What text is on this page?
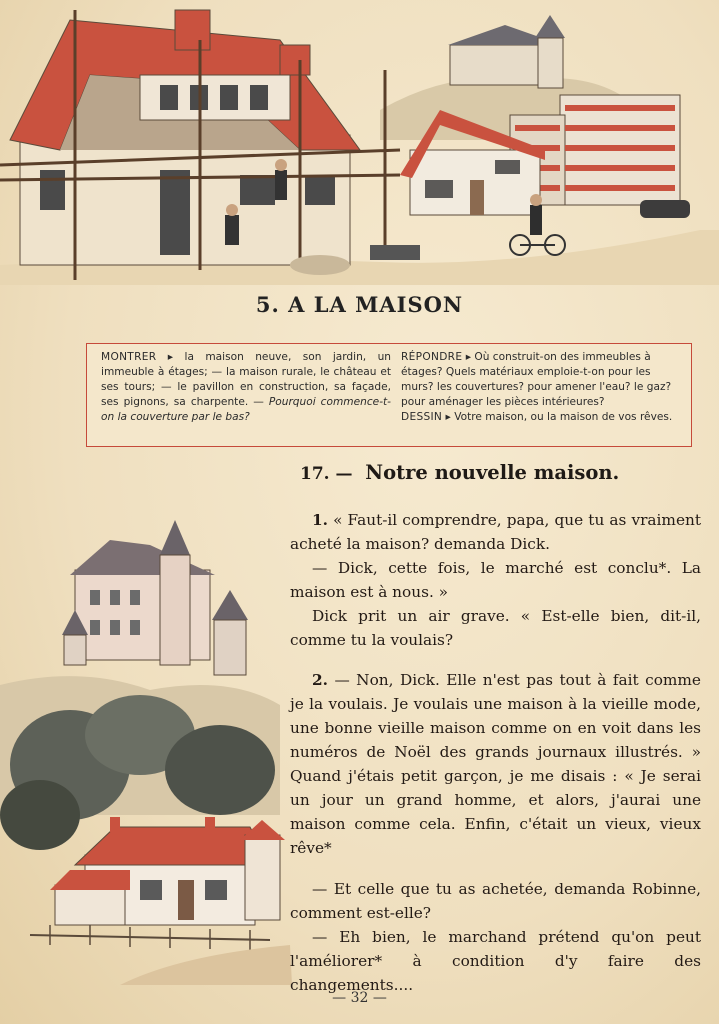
5. A LA MAISON
MONTRER ▸ la maison neuve, son jardin, un immeuble à étages; — la maison rurale, le château et ses tours; — le pavillon en construction, sa façade, ses pignons, sa charpente. — Pourquoi commence-t-on la couverture par le bas?
RÉPONDRE ▸ Où construit-on des immeubles à étages? Quels matériaux emploie-t-on pour les murs? les couvertures? pour amener l'eau? le gaz? pour aménager les pièces intérieures?
DESSIN ▸ Votre maison, ou la maison de vos rêves.
17. — Notre nouvelle maison.

1. « Faut-il comprendre, papa, que tu as vraiment acheté la maison? demanda Dick.

— Dick, cette fois, le marché est conclu*. La maison est à nous. »

Dick prit un air grave. « Est-elle bien, dit-il, comme tu la voulais?

2. — Non, Dick. Elle n'est pas tout à fait comme je la voulais. Je voulais une maison à la vieille mode, une bonne vieille maison comme on en voit dans les numéros de Noël des grands journaux illustrés. » Quand j'étais petit garçon, je me disais : « Je serai un jour un grand homme, et alors, j'aurai une maison comme cela. Enfin, c'était un vieux, vieux rêve*

— Et celle que tu as achetée, demanda Robinne, comment est-elle?

— Eh bien, le marchand prétend qu'on peut l'améliorer* à condition d'y faire des changements....

— 32 —
